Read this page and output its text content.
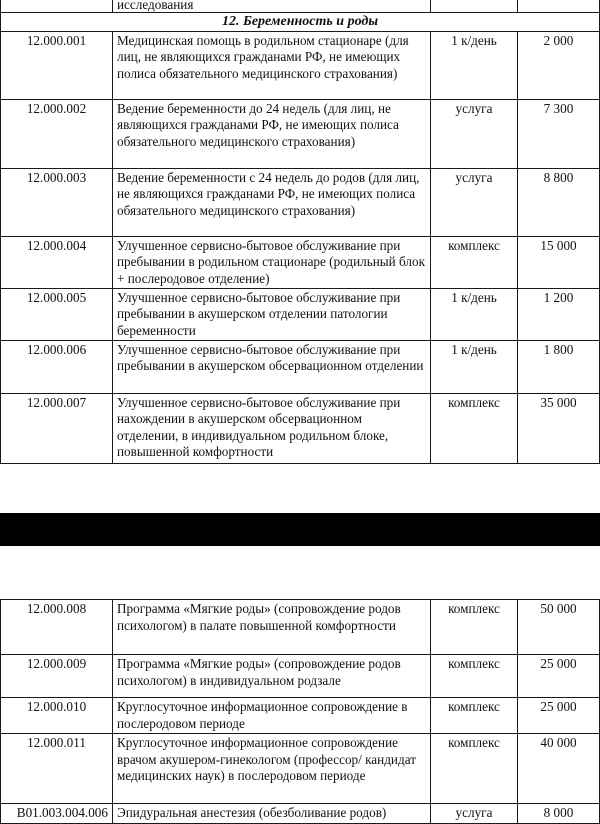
	исследования		
12. Беременность и роды			
12.000.001	Медицинская помощь в родильном стационаре (для лиц, не являющихся гражданами РФ, не имеющих полиса обязательного медицинского страхования)	1 к/день	2 000
12.000.002	Ведение беременности до 24 недель (для лиц, не являющихся гражданами РФ, не имеющих полиса обязательного медицинского страхования)	услуга	7 300
12.000.003	Ведение беременности с 24 недель до родов (для лиц, не являющихся гражданами РФ, не имеющих полиса обязательного медицинского страхования)	услуга	8 800
12.000.004	Улучшенное сервисно-бытовое обслуживание при пребывании в родильном стационаре (родильный блок + послеродовое отделение)	комплекс	15 000
12.000.005	Улучшенное сервисно-бытовое обслуживание при пребывании в акушерском отделении патологии беременности	1 к/день	1 200
12.000.006	Улучшенное сервисно-бытовое обслуживание при пребывании в акушерском обсервационном отделении	1 к/день	1 800
12.000.007	Улучшенное сервисно-бытовое обслуживание при нахождении в акушерском обсервационном отделении, в индивидуальном родильном блоке, повышенной комфортности	комплекс	35 000
12.000.008	Программа «Мягкие роды» (сопровождение родов психологом) в палате повышенной комфортности	комплекс	50 000
12.000.009	Программа «Мягкие роды» (сопровождение родов психологом) в индивидуальном родзале	комплекс	25 000
12.000.010	Круглосуточное информационное сопровождение в послеродовом периоде	комплекс	25 000
12.000.011	Круглосуточное информационное сопровождение врачом акушером-гинекологом (профессор/ кандидат медицинских наук) в послеродовом периоде	комплекс	40 000
B01.003.004.006	Эпидуральная анестезия (обезболивание родов)	услуга	8 000
